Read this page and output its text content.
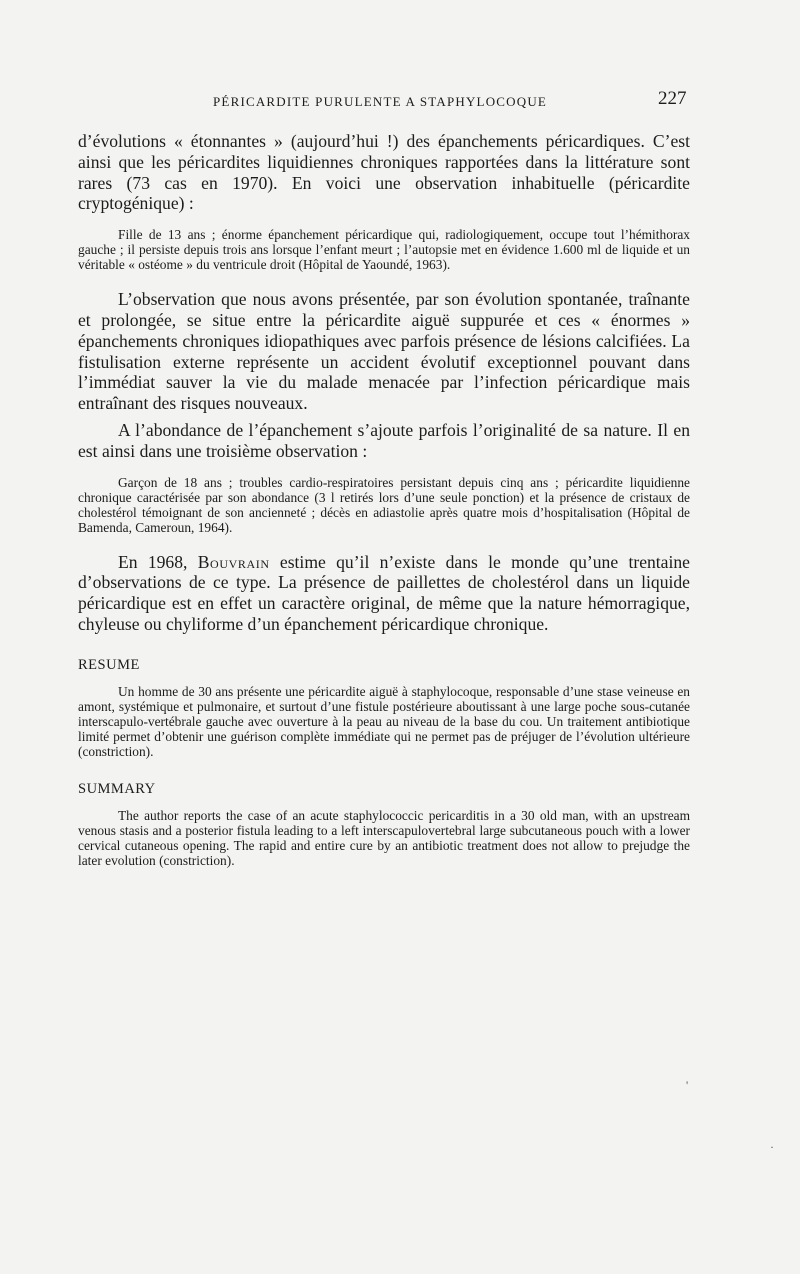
PÉRICARDITE PURULENTE A STAPHYLOCOQUE	227

d’évolutions « étonnantes » (aujourd’hui !) des épanchements péricardiques. C’est ainsi que les péricardites liquidiennes chroniques rapportées dans la littérature sont rares (73 cas en 1970). En voici une observation inhabituelle (péricardite cryptogénique) :

Fille de 13 ans ; énorme épanchement péricardique qui, radiologiquement, occupe tout l’hémithorax gauche ; il persiste depuis trois ans lorsque l’enfant meurt ; l’autopsie met en évidence 1.600 ml de liquide et un véritable « ostéome » du ventricule droit (Hôpital de Yaoundé, 1963).

L’observation que nous avons présentée, par son évolution spontanée, traînante et prolongée, se situe entre la péricardite aiguë suppurée et ces « énormes » épanchements chroniques idiopathiques avec parfois présence de lésions calcifiées. La fistulisation externe représente un accident évolutif exceptionnel pouvant dans l’immédiat sauver la vie du malade menacée par l’infection péricardique mais entraînant des risques nouveaux.

A l’abondance de l’épanchement s’ajoute parfois l’originalité de sa nature. Il en est ainsi dans une troisième observation :

Garçon de 18 ans ; troubles cardio-respiratoires persistant depuis cinq ans ; péricardite liquidienne chronique caractérisée par son abondance (3 l retirés lors d’une seule ponction) et la présence de cristaux de cholestérol témoignant de son ancienneté ; décès en adiastolie après quatre mois d’hospitalisation (Hôpital de Bamenda, Cameroun, 1964).

En 1968, Bouvrain estime qu’il n’existe dans le monde qu’une trentaine d’observations de ce type. La présence de paillettes de cholestérol dans un liquide péricardique est en effet un caractère original, de même que la nature hémorragique, chyleuse ou chyliforme d’un épanchement péricardique chronique.

RESUME

Un homme de 30 ans présente une péricardite aiguë à staphylocoque, responsable d’une stase veineuse en amont, systémique et pulmonaire, et surtout d’une fistule postérieure aboutissant à une large poche sous-cutanée interscapulo-vertébrale gauche avec ouverture à la peau au niveau de la base du cou. Un traitement antibiotique limité permet d’obtenir une guérison complète immédiate qui ne permet pas de préjuger de l’évolution ultérieure (constriction).

SUMMARY

The author reports the case of an acute staphylococcic pericarditis in a 30 old man, with an upstream venous stasis and a posterior fistula leading to a left interscapulovertebral large subcutaneous pouch with a lower cervical cutaneous opening. The rapid and entire cure by an antibiotic treatment does not allow to prejudge the later evolution (constriction).

'
·
